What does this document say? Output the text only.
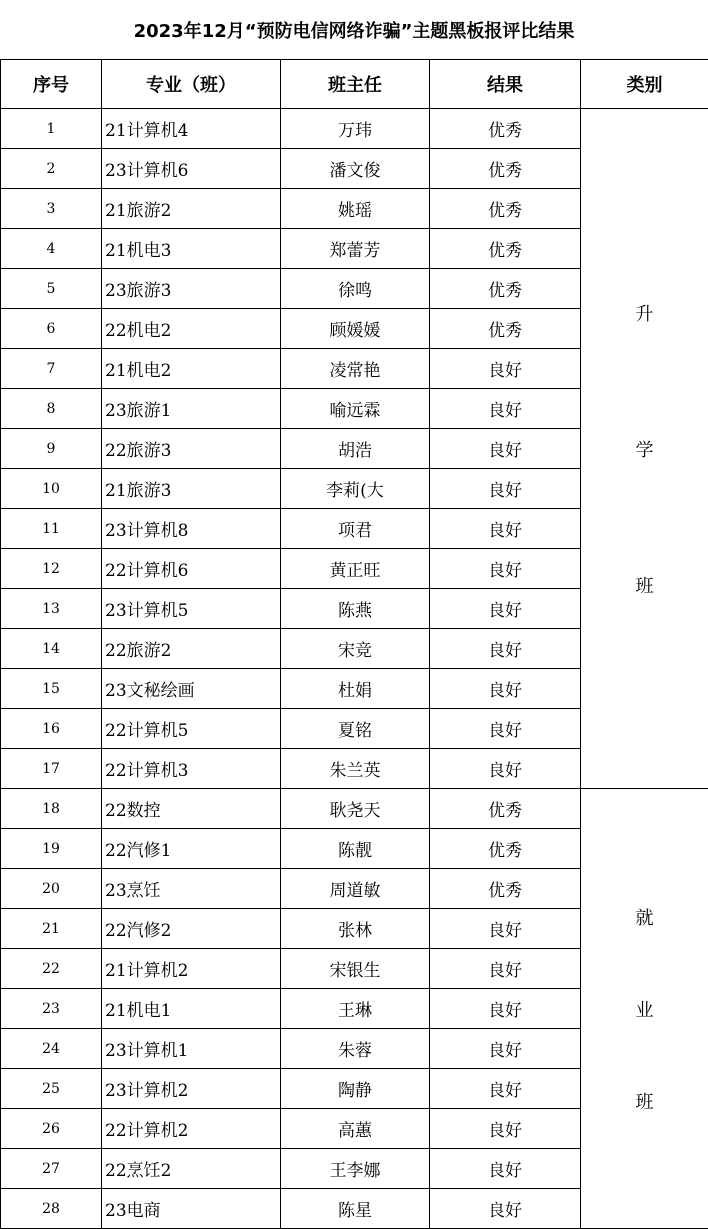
2023年12月“预防电信网络诈骗”主题黑板报评比结果
序号	专业（班）	班主任	结果	类别
1	21计算机4	万玮	优秀	升
学
班

2	23计算机6	潘文俊	优秀	
3	21旅游2	姚瑶	优秀	
4	21机电3	郑蕾芳	优秀	
5	23旅游3	徐鸣	优秀	
6	22机电2	顾媛媛	优秀	
7	21机电2	凌常艳	良好	
8	23旅游1	喻远霖	良好	
9	22旅游3	胡浩	良好	
10	21旅游3	李莉(大	良好	
11	23计算机8	项君	良好	
12	22计算机6	黄正旺	良好	
13	23计算机5	陈燕	良好	
14	22旅游2	宋竞	良好	
15	23文秘绘画	杜娟	良好	
16	22计算机5	夏铭	良好	
17	22计算机3	朱兰英	良好	
18	22数控	耿尧天	优秀	就
业
班

19	22汽修1	陈靓	优秀	
20	23烹饪	周道敏	优秀	
21	22汽修2	张林	良好	
22	21计算机2	宋银生	良好	
23	21机电1	王琳	良好	
24	23计算机1	朱蓉	良好	
25	23计算机2	陶静	良好	
26	22计算机2	高蕙	良好	
27	22烹饪2	王李娜	良好	
28	23电商	陈星	良好	
